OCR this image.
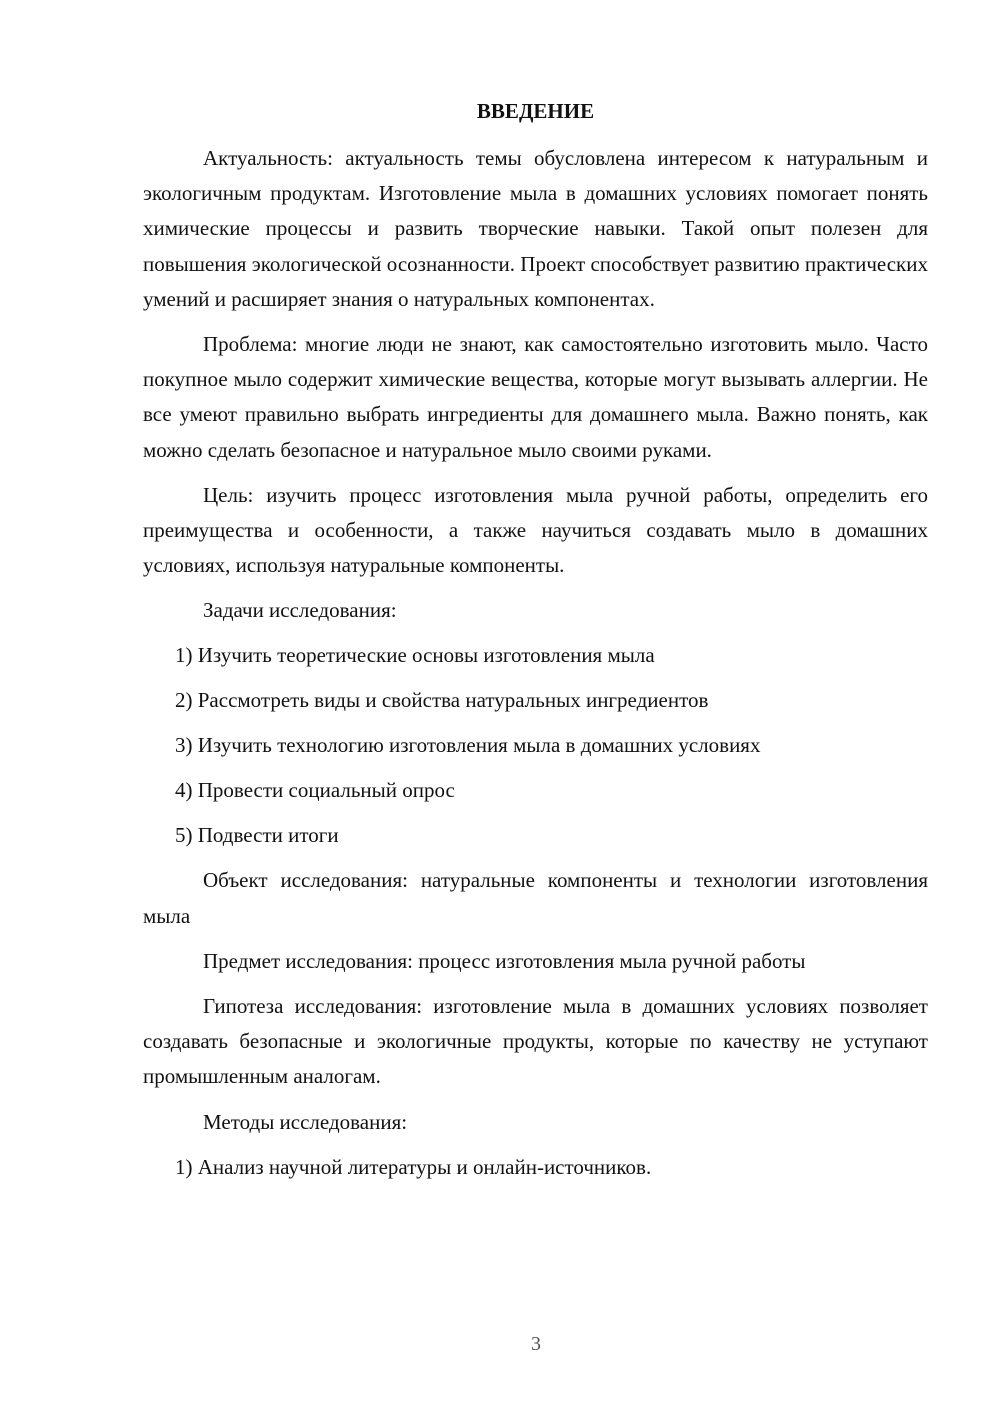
ВВЕДЕНИЕ

Актуальность: актуальность темы обусловлена интересом к натуральным и экологичным продуктам. Изготовление мыла в домашних условиях помогает понять химические процессы и развить творческие навыки. Такой опыт полезен для повышения экологической осознанности. Проект способствует развитию практических умений и расширяет знания о натуральных компонентах.

Проблема: многие люди не знают, как самостоятельно изготовить мыло. Часто покупное мыло содержит химические вещества, которые могут вызывать аллергии. Не все умеют правильно выбрать ингредиенты для домашнего мыла. Важно понять, как можно сделать безопасное и натуральное мыло своими руками.

Цель: изучить процесс изготовления мыла ручной работы, определить его преимущества и особенности, а также научиться создавать мыло в домашних условиях, используя натуральные компоненты.

Задачи исследования:
1) Изучить теоретические основы изготовления мыла
2) Рассмотреть виды и свойства натуральных ингредиентов
3) Изучить технологию изготовления мыла в домашних условиях
4) Провести социальный опрос
5) Подвести итоги

Объект исследования: натуральные компоненты и технологии изготовления мыла

Предмет исследования: процесс изготовления мыла ручной работы

Гипотеза исследования: изготовление мыла в домашних условиях позволяет создавать безопасные и экологичные продукты, которые по качеству не уступают промышленным аналогам.

Методы исследования:
1) Анализ научной литературы и онлайн-источников.
3
